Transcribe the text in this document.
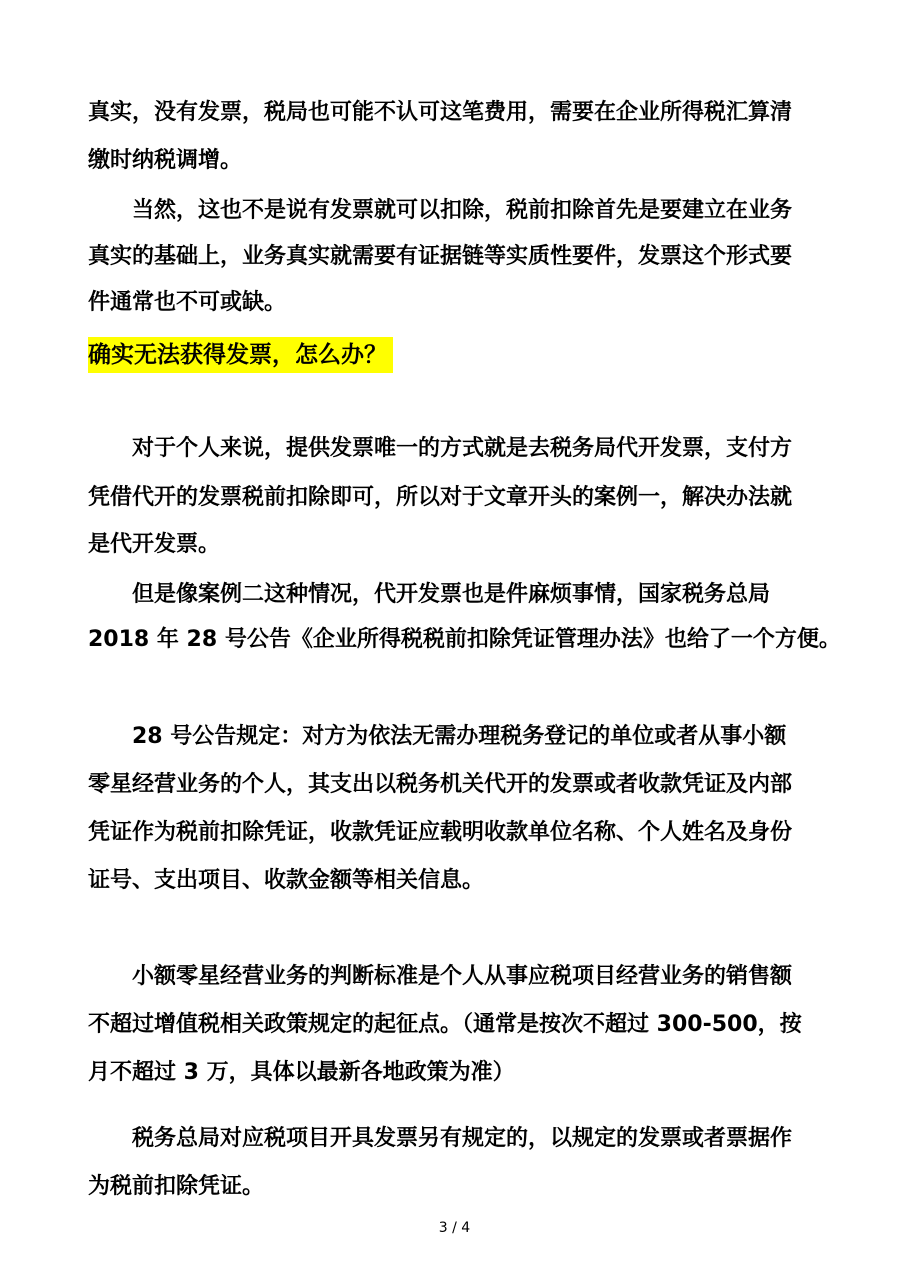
真实，没有发票，税局也可能不认可这笔费用，需要在企业所得税汇算清
缴时纳税调增。
当然，这也不是说有发票就可以扣除，税前扣除首先是要建立在业务
真实的基础上，业务真实就需要有证据链等实质性要件，发票这个形式要
件通常也不可或缺。
确实无法获得发票，怎么办？
对于个人来说，提供发票唯一的方式就是去税务局代开发票，支付方
凭借代开的发票税前扣除即可，所以对于文章开头的案例一，解决办法就
是代开发票。
但是像案例二这种情况，代开发票也是件麻烦事情，国家税务总局
2018 年 28 号公告《企业所得税税前扣除凭证管理办法》也给了一个方便。
28 号公告规定：对方为依法无需办理税务登记的单位或者从事小额
零星经营业务的个人，其支出以税务机关代开的发票或者收款凭证及内部
凭证作为税前扣除凭证，收款凭证应载明收款单位名称、个人姓名及身份
证号、支出项目、收款金额等相关信息。
小额零星经营业务的判断标准是个人从事应税项目经营业务的销售额
不超过增值税相关政策规定的起征点。（通常是按次不超过 300-500，按
月不超过 3 万，具体以最新各地政策为准）
税务总局对应税项目开具发票另有规定的，以规定的发票或者票据作
为税前扣除凭证。
3 / 4
